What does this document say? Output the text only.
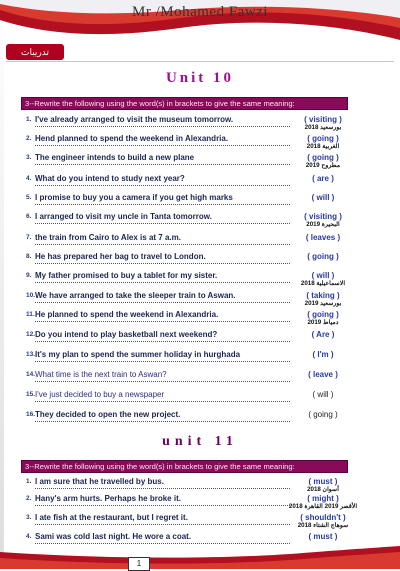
Mr /Mohamed Fawzi
تدريبات
Unit 10
3--Rewrite the following using the word(s) in brackets to give the same meaning:
1. I've already arranged to visit the museum tomorrow.	( visiting )
بورسعيد 2018
2. Hend planned to spend the weekend in Alexandria.	( going )
الغربية 2018
3. The engineer intends to build a new plane	( going )
مطروح 2019
4. What do you intend to study next year?	( are )
5. I promise to buy you a camera if you get high marks	( will )
6. I arranged to visit my uncle in Tanta tomorrow.	( visiting )
البحيرة 2019
7. the train from Cairo to Alex is at 7 a.m.	( leaves )
8. He has prepared her bag to travel to London.	( going )
9. My father promised to buy a tablet for my sister.	( will )
الاسماعيلية 2018
10. We have arranged to take the sleeper train to Aswan.	( taking )
بورسعيد 2019
11. He planned to spend the weekend in Alexandria.	( going )
دمياط 2019
12. Do you intend to play basketball next weekend?	( Are )
13. It's my plan to spend the summer holiday in hurghada	( I'm )
14. What time is the next train to Aswan?	( leave )
15. I've just decided to buy a newspaper	( will )
16. They decided to open the new project.	( going )
unit 11
3--Rewrite the following using the word(s) in brackets to give the same meaning:
1. I am sure that he travelled by bus.	( must )
أسوان 2018
2. Hany's arm hurts. Perhaps he broke it.	( might )
الأقصر 2019 القاهرة 2018
3. I ate fish at the restaurant, but I regret it.	( shouldn't )
سوهاج الشتاء 2018
4. Sami was cold last night. He wore a coat.	( must )
1
